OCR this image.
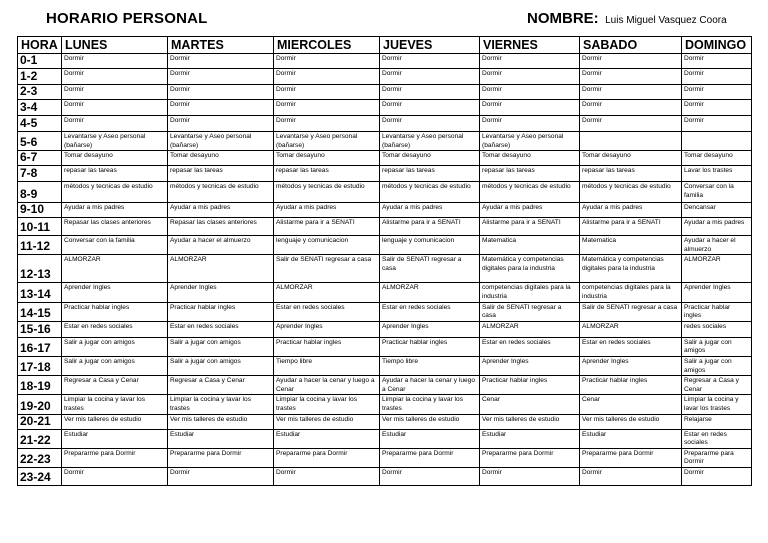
HORARIO PERSONAL	NOMBRE: Luis Miguel Vasquez Coora
HORA	LUNES	MARTES	MIERCOLES	JUEVES	VIERNES	SABADO	DOMINGO
0-1	Dormir	Dormir	Dormir	Dormir	Dormir	Dormir	Dormir
1-2	Dormir	Dormir	Dormir	Dormir	Dormir	Dormir	Dormir
2-3	Dormir	Dormir	Dormir	Dormir	Dormir	Dormir	Dormir
3-4	Dormir	Dormir	Dormir	Dormir	Dormir	Dormir	Dormir
4-5	Dormir	Dormir	Dormir	Dormir	Dormir	Dormir	Dormir
5-6	Levantarse y Aseo personal (bañarse)	Levantarse y Aseo personal (bañarse)	Levantarse y Aseo personal (bañarse)	Levantarse y Aseo personal (bañarse)	Levantarse y Aseo personal (bañarse)		
6-7	Tomar desayuno	Tomar desayuno	Tomar desayuno	Tomar desayuno	Tomar desayuno	Tomar desayuno	Tomar desayuno
7-8	repasar las tareas	repasar las tareas	repasar las tareas	repasar las tareas	repasar las tareas	repasar las tareas	Lavar los trastes
8-9	métodos y tecnicas de estudio	métodos y tecnicas de estudio	métodos y tecnicas de estudio	métodos y tecnicas de estudio	métodos y tecnicas de estudio	métodos y tecnicas de estudio	Conversar con la familia
9-10	Ayudar a mis padres	Ayudar a mis padres	Ayudar a mis padres	Ayudar a mis padres	Ayudar a mis padres	Ayudar a mis padres	Dencansar
10-11	Repasar las clases anteriores	Repasar las clases anteriores	Alistarme para ir a SENATI	Alistarme para ir a SENATI	Alistarme para ir a SENATI	Alistarme para ir a SENATI	Ayudar a mis padres
11-12	Conversar con la familia	Ayudar a hacer el almuerzo	lenguaje y comunicacion	lenguaje y comunicacion	Matematica	Matematica	Ayudar a hacer el almuerzo
12-13	ALMORZAR	ALMORZAR	Salir de SENATI regresar a casa	Salir de SENATI regresar a casa	Matemática y competencias digitales para la industria	Matemática y competencias digitales para la industria	ALMORZAR
13-14	Aprender Ingles	Aprender Ingles	ALMORZAR	ALMORZAR	competencias digitales para la industria	competencias digitales para la industria	Aprender Ingles
14-15	Practicar hablar ingles	Practicar hablar ingles	Estar en redes sociales	Estar en redes sociales	Salir de SENATI regresar a casa	Salir de SENATI regresar a casa	Practicar hablar ingles
15-16	Estar en redes sociales	Estar en redes sociales	Aprender Ingles	Aprender Ingles	ALMORZAR	ALMORZAR	redes sociales
16-17	Salir a jugar con amigos	Salir a jugar con amigos	Practicar hablar ingles	Practicar hablar ingles	Estar en redes sociales	Estar en redes sociales	Salir a jugar con amigos
17-18	Salir a jugar con amigos	Salir a jugar con amigos	Tiempo libre	Tiempo libre	Aprender Ingles	Aprender Ingles	Salir a jugar con amigos
18-19	Regresar a Casa y Cenar	Regresar a Casa y Cenar	Ayudar a hacer la cenar y luego a Cenar	Ayudar a hacer la cenar y luego a Cenar	Practicar hablar ingles	Practicar hablar ingles	Regresar a Casa y Cenar
19-20	Limpiar la cocina y lavar los trastes	Limpiar la cocina y lavar los trastes	Limpiar la cocina y lavar los trastes	Limpiar la cocina y lavar los trastes	Cenar	Cenar	Limpiar la cocina y lavar los trastes
20-21	Ver mis talleres de estudio	Ver mis talleres de estudio	Ver mis talleres de estudio	Ver mis talleres de estudio	Ver mis talleres de estudio	Ver mis talleres de estudio	Relajarse
21-22	Estudiar	Estudiar	Estudiar	Estudiar	Estudiar	Estudiar	Estar en redes sociales
22-23	Prepararme para Dormir	Prepararme para Dormir	Prepararme para Dormir	Prepararme para Dormir	Prepararme para Dormir	Prepararme para Dormir	Prepararme para Dormir
23-24	Dormir	Dormir	Dormir	Dormir	Dormir	Dormir	Dormir
